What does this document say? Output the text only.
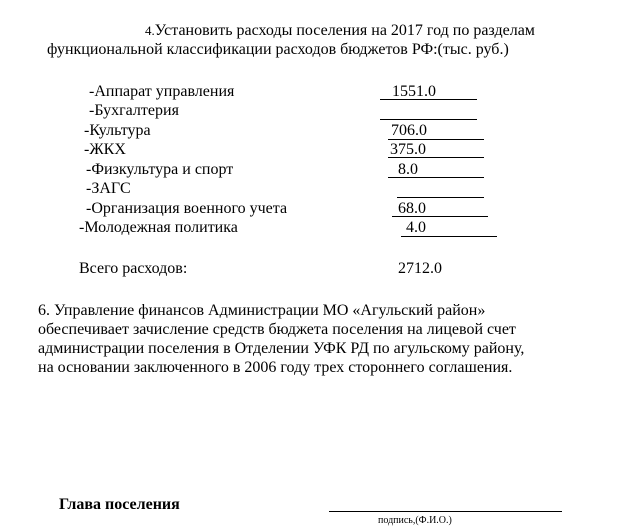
4.Установить расходы поселения на 2017 год по разделам
функциональной классификации расходов бюджетов РФ:(тыс. руб.)
-Аппарат управления	1551.0
-Бухгалтерия
-Культура	706.0
-ЖКХ	375.0
-Физкультура и спорт	8.0
-ЗАГС
-Организация военного учета	68.0
-Молодежная политика	4.0
Всего расходов:	2712.0
6. Управление финансов Администрации МО «Агульский район»
обеспечивает зачисление средств бюджета поселения на лицевой счет
администрации поселения в Отделении УФК РД по агульскому району,
на основании заключенного в 2006 году трех стороннего соглашения.
Глава поселения
подпись,(Ф.И.О.)
